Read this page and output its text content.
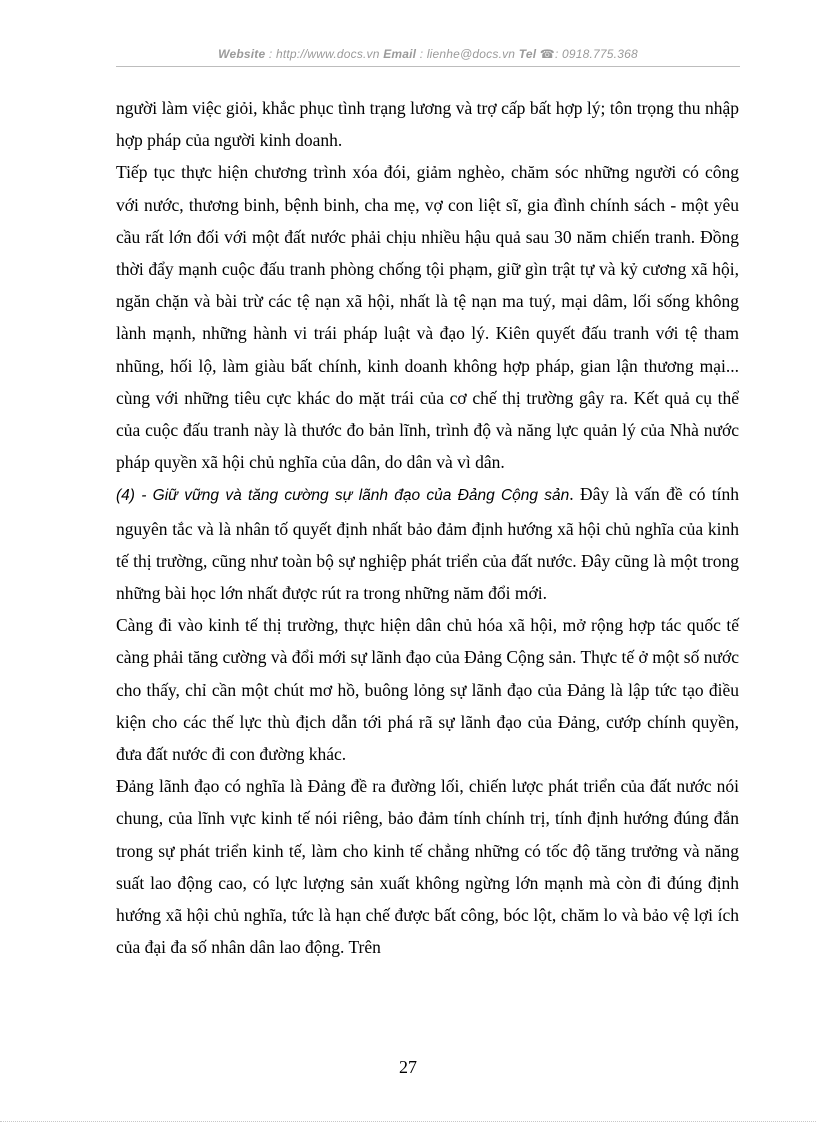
Website : http://www.docs.vn Email : lienhe@docs.vn Tel ☎: 0918.775.368

người làm việc giỏi, khắc phục tình trạng lương và trợ cấp bất hợp lý; tôn trọng thu nhập hợp pháp của người kinh doanh.

Tiếp tục thực hiện chương trình xóa đói, giảm nghèo, chăm sóc những người có công với nước, thương binh, bệnh binh, cha mẹ, vợ con liệt sĩ, gia đình chính sách - một yêu cầu rất lớn đối với một đất nước phải chịu nhiều hậu quả sau 30 năm chiến tranh. Đồng thời đẩy mạnh cuộc đấu tranh phòng chống tội phạm, giữ gìn trật tự và kỷ cương xã hội, ngăn chặn và bài trừ các tệ nạn xã hội, nhất là tệ nạn ma tuý, mại dâm, lối sống không lành mạnh, những hành vi trái pháp luật và đạo lý. Kiên quyết đấu tranh với tệ tham nhũng, hối lộ, làm giàu bất chính, kinh doanh không hợp pháp, gian lận thương mại... cùng với những tiêu cực khác do mặt trái của cơ chế thị trường gây ra. Kết quả cụ thể của cuộc đấu tranh này là thước đo bản lĩnh, trình độ và năng lực quản lý của Nhà nước pháp quyền xã hội chủ nghĩa của dân, do dân và vì dân.

(4) - Giữ vững và tăng cường sự lãnh đạo của Đảng Cộng sản. Đây là vấn đề có tính nguyên tắc và là nhân tố quyết định nhất bảo đảm định hướng xã hội chủ nghĩa của kinh tế thị trường, cũng như toàn bộ sự nghiệp phát triển của đất nước. Đây cũng là một trong những bài học lớn nhất được rút ra trong những năm đổi mới.

Càng đi vào kinh tế thị trường, thực hiện dân chủ hóa xã hội, mở rộng hợp tác quốc tế càng phải tăng cường và đổi mới sự lãnh đạo của Đảng Cộng sản. Thực tế ở một số nước cho thấy, chỉ cần một chút mơ hồ, buông lỏng sự lãnh đạo của Đảng là lập tức tạo điều kiện cho các thế lực thù địch dẫn tới phá rã sự lãnh đạo của Đảng, cướp chính quyền, đưa đất nước đi con đường khác.

Đảng lãnh đạo có nghĩa là Đảng đề ra đường lối, chiến lược phát triển của đất nước nói chung, của lĩnh vực kinh tế nói riêng, bảo đảm tính chính trị, tính định hướng đúng đắn trong sự phát triển kinh tế, làm cho kinh tế chẳng những có tốc độ tăng trưởng và năng suất lao động cao, có lực lượng sản xuất không ngừng lớn mạnh mà còn đi đúng định hướng xã hội chủ nghĩa, tức là hạn chế được bất công, bóc lột, chăm lo và bảo vệ lợi ích của đại đa số nhân dân lao động. Trên

27
